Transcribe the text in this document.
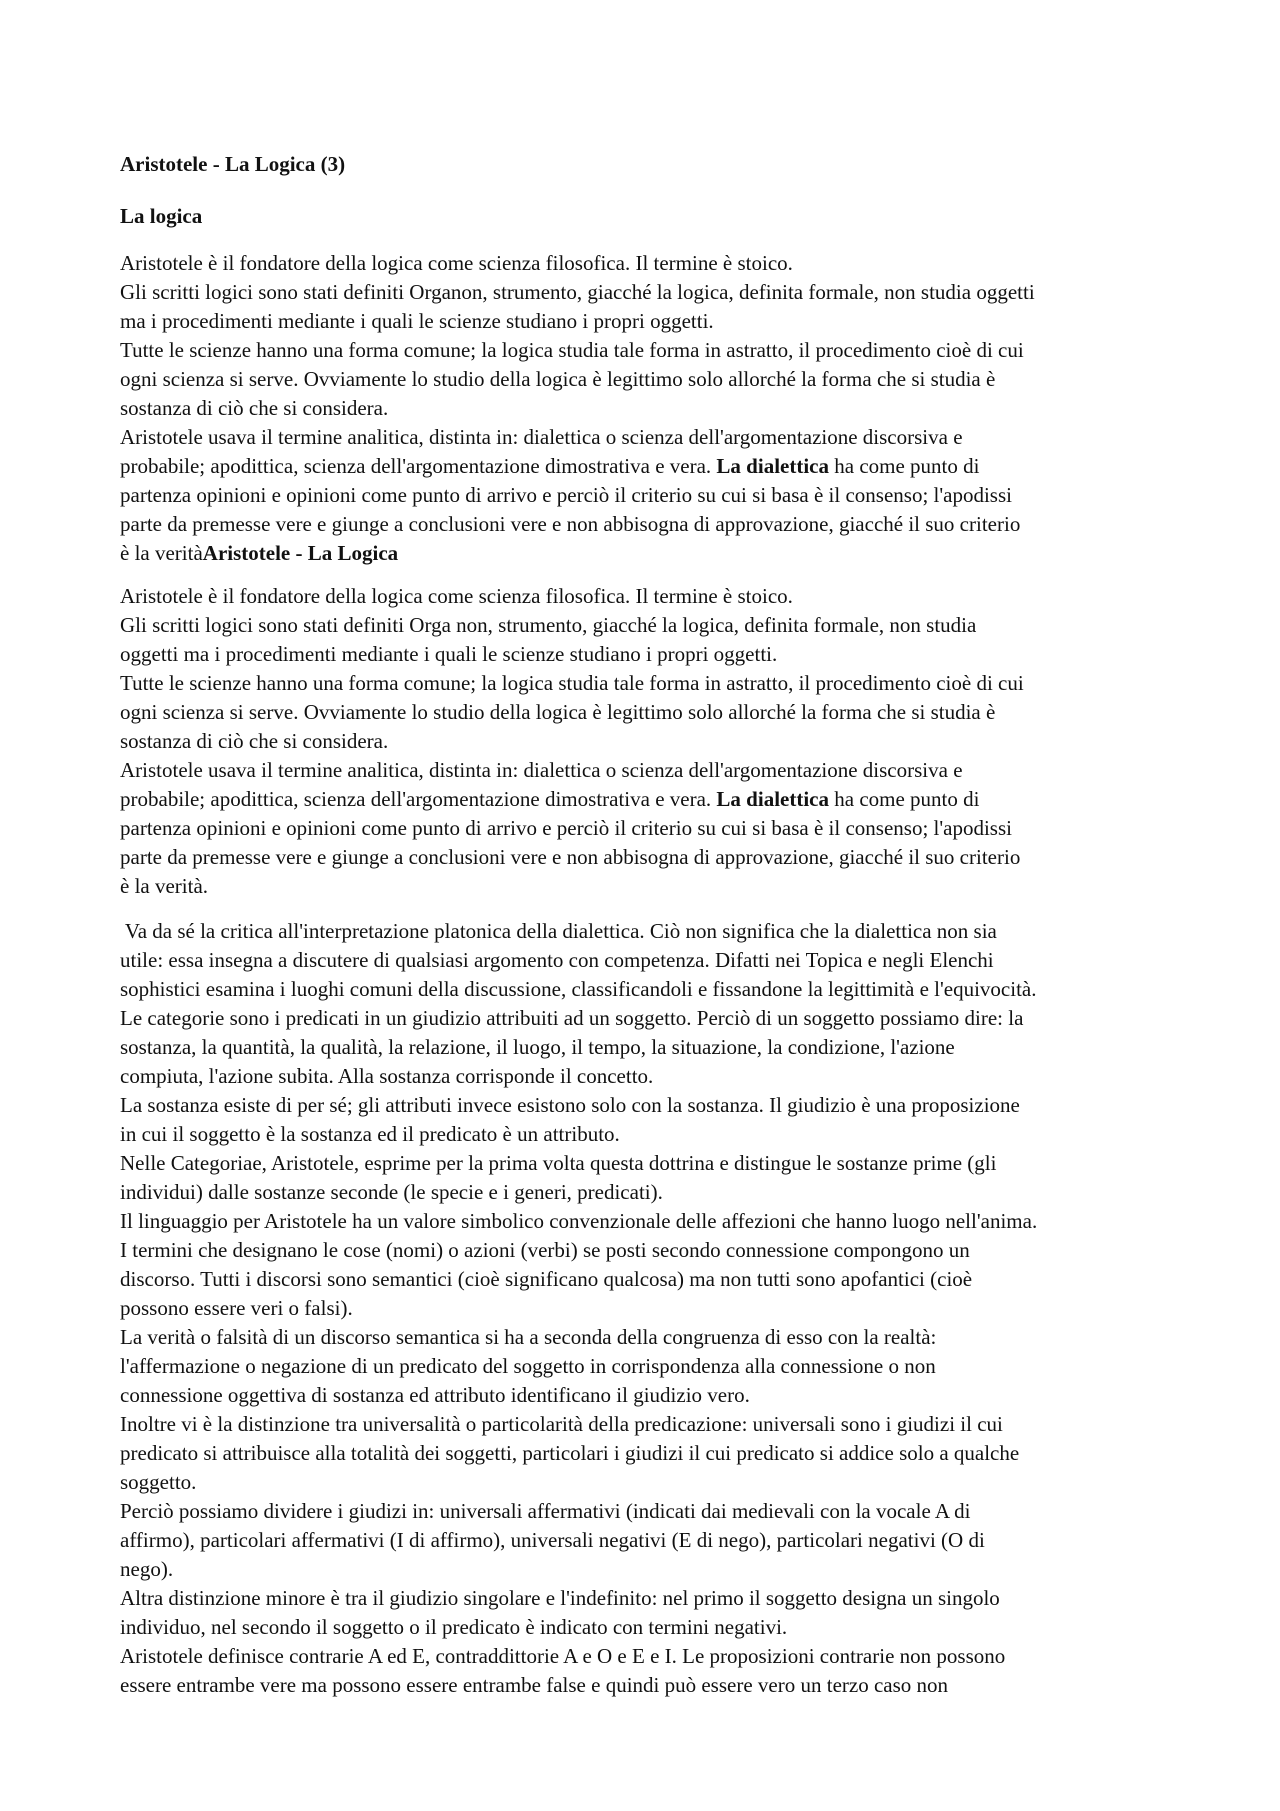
Aristotele - La Logica (3)

La logica

Aristotele è il fondatore della logica come scienza filosofica. Il termine è stoico.
Gli scritti logici sono stati definiti Organon, strumento, giacché la logica, definita formale, non studia oggetti
ma i procedimenti mediante i quali le scienze studiano i propri oggetti.
Tutte le scienze hanno una forma comune; la logica studia tale forma in astratto, il procedimento cioè di cui
ogni scienza si serve. Ovviamente lo studio della logica è legittimo solo allorché la forma che si studia è
sostanza di ciò che si considera.
Aristotele usava il termine analitica, distinta in: dialettica o scienza dell'argomentazione discorsiva e
probabile; apodittica, scienza dell'argomentazione dimostrativa e vera. La dialettica ha come punto di
partenza opinioni e opinioni come punto di arrivo e perciò il criterio su cui si basa è il consenso; l'apodissi
parte da premesse vere e giunge a conclusioni vere e non abbisogna di approvazione, giacché il suo criterio
è la veritàAristotele - La Logica
Aristotele è il fondatore della logica come scienza filosofica. Il termine è stoico.
Gli scritti logici sono stati definiti Orga non, strumento, giacché la logica, definita formale, non studia
oggetti ma i procedimenti mediante i quali le scienze studiano i propri oggetti.
Tutte le scienze hanno una forma comune; la logica studia tale forma in astratto, il procedimento cioè di cui
ogni scienza si serve. Ovviamente lo studio della logica è legittimo solo allorché la forma che si studia è
sostanza di ciò che si considera.
Aristotele usava il termine analitica, distinta in: dialettica o scienza dell'argomentazione discorsiva e
probabile; apodittica, scienza dell'argomentazione dimostrativa e vera. La dialettica ha come punto di
partenza opinioni e opinioni come punto di arrivo e perciò il criterio su cui si basa è il consenso; l'apodissi
parte da premesse vere e giunge a conclusioni vere e non abbisogna di approvazione, giacché il suo criterio
è la verità.
Va da sé la critica all'interpretazione platonica della dialettica. Ciò non significa che la dialettica non sia
utile: essa insegna a discutere di qualsiasi argomento con competenza. Difatti nei Topica e negli Elenchi
sophistici esamina i luoghi comuni della discussione, classificandoli e fissandone la legittimità e l'equivocità.
Le categorie sono i predicati in un giudizio attribuiti ad un soggetto. Perciò di un soggetto possiamo dire: la
sostanza, la quantità, la qualità, la relazione, il luogo, il tempo, la situazione, la condizione, l'azione
compiuta, l'azione subita. Alla sostanza corrisponde il concetto.
La sostanza esiste di per sé; gli attributi invece esistono solo con la sostanza. Il giudizio è una proposizione
in cui il soggetto è la sostanza ed il predicato è un attributo.
Nelle Categoriae, Aristotele, esprime per la prima volta questa dottrina e distingue le sostanze prime (gli
individui) dalle sostanze seconde (le specie e i generi, predicati).
Il linguaggio per Aristotele ha un valore simbolico convenzionale delle affezioni che hanno luogo nell'anima.
I termini che designano le cose (nomi) o azioni (verbi) se posti secondo connessione compongono un
discorso. Tutti i discorsi sono semantici (cioè significano qualcosa) ma non tutti sono apofantici (cioè
possono essere veri o falsi).
La verità o falsità di un discorso semantica si ha a seconda della congruenza di esso con la realtà:
l'affermazione o negazione di un predicato del soggetto in corrispondenza alla connessione o non
connessione oggettiva di sostanza ed attributo identificano il giudizio vero.
Inoltre vi è la distinzione tra universalità o particolarità della predicazione: universali sono i giudizi il cui
predicato si attribuisce alla totalità dei soggetti, particolari i giudizi il cui predicato si addice solo a qualche
soggetto.
Perciò possiamo dividere i giudizi in: universali affermativi (indicati dai medievali con la vocale A di
affirmo), particolari affermativi (I di affirmo), universali negativi (E di nego), particolari negativi (O di
nego).
Altra distinzione minore è tra il giudizio singolare e l'indefinito: nel primo il soggetto designa un singolo
individuo, nel secondo il soggetto o il predicato è indicato con termini negativi.
Aristotele definisce contrarie A ed E, contraddittorie A e O e E e I. Le proposizioni contrarie non possono
essere entrambe vere ma possono essere entrambe false e quindi può essere vero un terzo caso non
